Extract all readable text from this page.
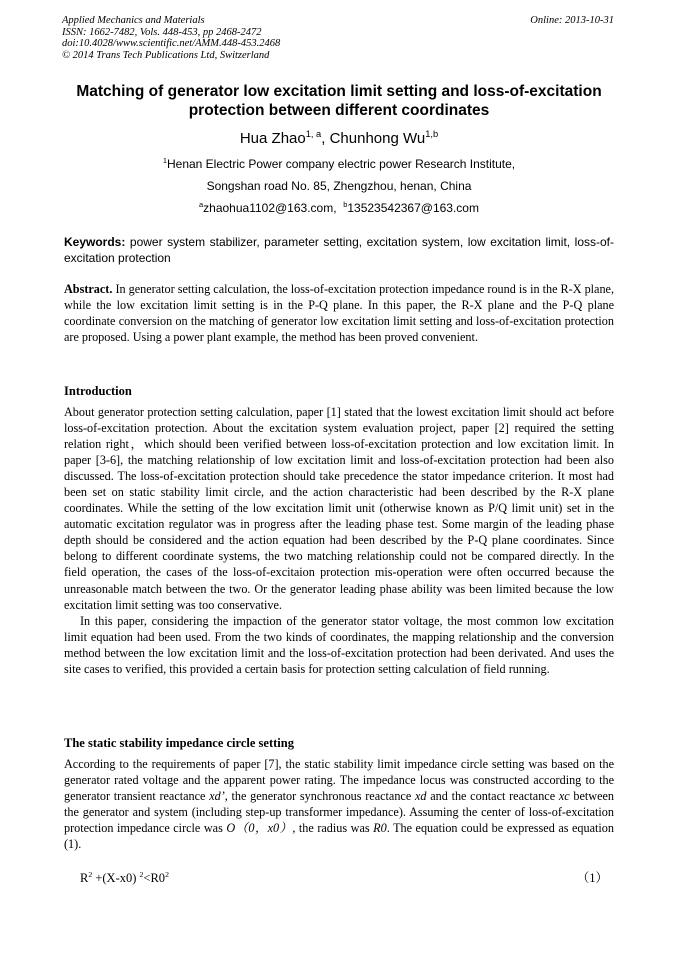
Applied Mechanics and Materials
ISSN: 1662-7482, Vols. 448-453, pp 2468-2472
doi:10.4028/www.scientific.net/AMM.448-453.2468
© 2014 Trans Tech Publications Ltd, Switzerland
Online: 2013-10-31
Matching of generator low excitation limit setting and loss-of-excitation
protection between different coordinates
Hua Zhao$^{1, a}$, Chunhong Wu$^{1,b}$
$^1$Henan Electric Power company electric power Research Institute,
Songshan road No. 85, Zhengzhou, henan, China
$^a$zhaohua1102@163.com, $^b$13523542367@163.com
Keywords: power system stabilizer, parameter setting, excitation system, low excitation limit, loss-of-excitation protection

Abstract. In generator setting calculation, the loss-of-excitation protection impedance round is in the R-X plane, while the low excitation limit setting is in the P-Q plane. In this paper, the R-X plane and the P-Q plane coordinate conversion on the matching of generator low excitation limit setting and loss-of-excitation protection are proposed. Using a power plant example, the method has been proved convenient.

Introduction

About generator protection setting calculation, paper [1] stated that the lowest excitation limit should act before loss-of-excitation protection. About the excitation system evaluation project, paper [2] required the setting relation right，which should been verified between loss-of-excitation protection and low excitation limit. In paper [3-6], the matching relationship of low excitation limit and loss-of-excitation protection had been also discussed. The loss-of-excitation protection should take precedence the stator impedance criterion. It most had been set on static stability limit circle, and the action characteristic had been described by the R-X plane coordinates. While the setting of the low excitation limit unit (otherwise known as P/Q limit unit) set in the automatic excitation regulator was in progress after the leading phase test. Some margin of the leading phase depth should be considered and the action equation had been described by the P-Q plane coordinates. Since belong to different coordinate systems, the two matching relationship could not be compared directly. In the field operation, the cases of the loss-of-excitaion protection mis-operation were often occurred because the unreasonable match between the two. Or the generator leading phase ability was been limited because the low excitation limit setting was too conservative.

In this paper, considering the impaction of the generator stator voltage, the most common low excitation limit equation had been used. From the two kinds of coordinates, the mapping relationship and the conversion method between the low excitation limit and the loss-of-excitation protection had been derivated. And uses the site cases to verified, this provided a certain basis for protection setting calculation of field running.

The static stability impedance circle setting

According to the requirements of paper [7], the static stability limit impedance circle setting was based on the generator rated voltage and the apparent power rating. The impedance locus was constructed according to the generator transient reactance xd’, the generator synchronous reactance xd and the contact reactance xc between the generator and system (including step-up transformer impedance). Assuming the center of loss-of-excitation protection impedance circle was O（0，x0）, the radius was R0. The equation could be expressed as equation (1).

$R^2 +(X-x0)$ $^2<R0^2$	（1）
